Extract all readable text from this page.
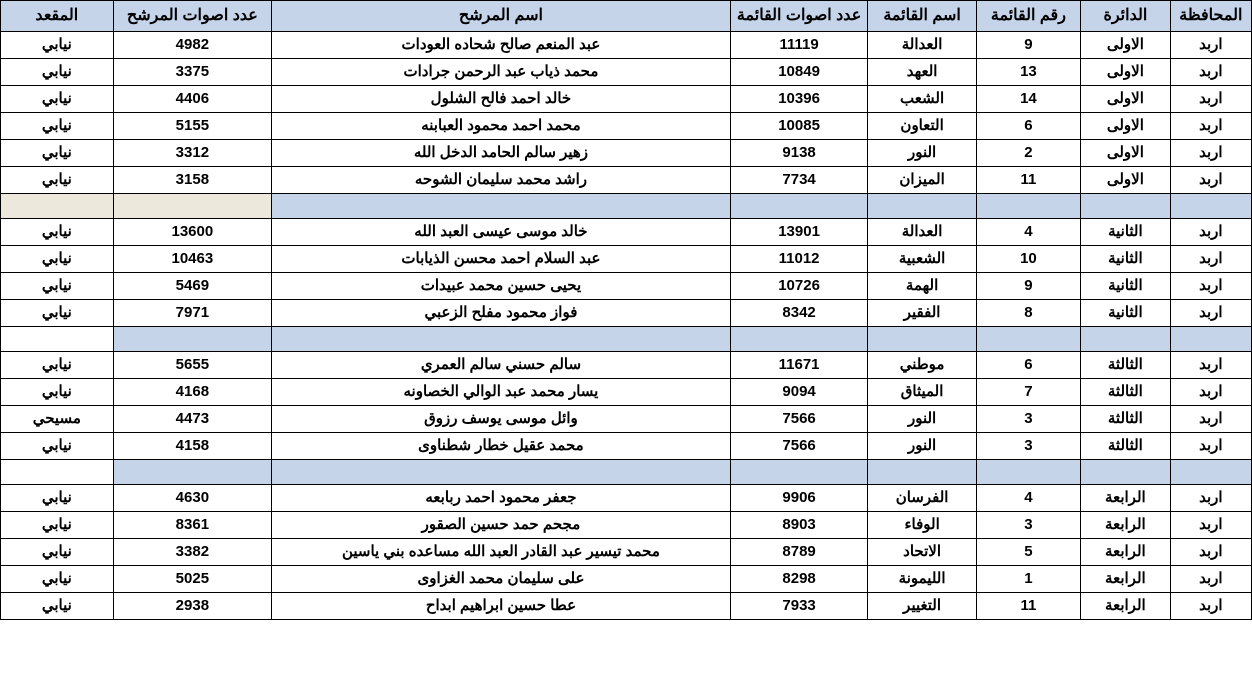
المحافظة	الدائرة	رقم القائمة	اسم القائمة	عدد اصوات القائمة	اسم المرشح	عدد اصوات المرشح	المقعد
اربد	الاولى	9	العدالة	11119	عبد المنعم صالح شحاده العودات	4982	نيابي
اربد	الاولى	13	العهد	10849	محمد ذياب عبد الرحمن جرادات	3375	نيابي
اربد	الاولى	14	الشعب	10396	خالد احمد فالح الشلول	4406	نيابي
اربد	الاولى	6	التعاون	10085	محمد احمد محمود العبابنه	5155	نيابي
اربد	الاولى	2	النور	9138	زهير سالم الحامد الدخل الله	3312	نيابي
اربد	الاولى	11	الميزان	7734	راشد محمد سليمان الشوحه	3158	نيابي

اربد	الثانية	4	العدالة	13901	خالد موسى عيسى العبد الله	13600	نيابي
اربد	الثانية	10	الشعبية	11012	عبد السلام احمد محسن الذيابات	10463	نيابي
اربد	الثانية	9	الهمة	10726	يحيى حسين محمد عبيدات	5469	نيابي
اربد	الثانية	8	الفقير	8342	فواز محمود مفلح الزعبي	7971	نيابي

اربد	الثالثة	6	موطني	11671	سالم حسني سالم العمري	5655	نيابي
اربد	الثالثة	7	الميثاق	9094	يسار محمد عبد الوالي الخصاونه	4168	نيابي
اربد	الثالثة	3	النور	7566	وائل موسى يوسف رزوق	4473	مسيحي
اربد	الثالثة	3	النور	7566	محمد عقيل خطار شطناوى	4158	نيابي

اربد	الرابعة	4	الفرسان	9906	جعفر محمود احمد ربابعه	4630	نيابي
اربد	الرابعة	3	الوفاء	8903	مجحم حمد حسين الصقور	8361	نيابي
اربد	الرابعة	5	الاتحاد	8789	محمد تيسير عبد القادر العبد الله مساعده بني ياسين	3382	نيابي
اربد	الرابعة	1	الليمونة	8298	على سليمان محمد الغزاوى	5025	نيابي
اربد	الرابعة	11	التغيير	7933	عطا حسين ابراهيم ابداح	2938	نيابي
